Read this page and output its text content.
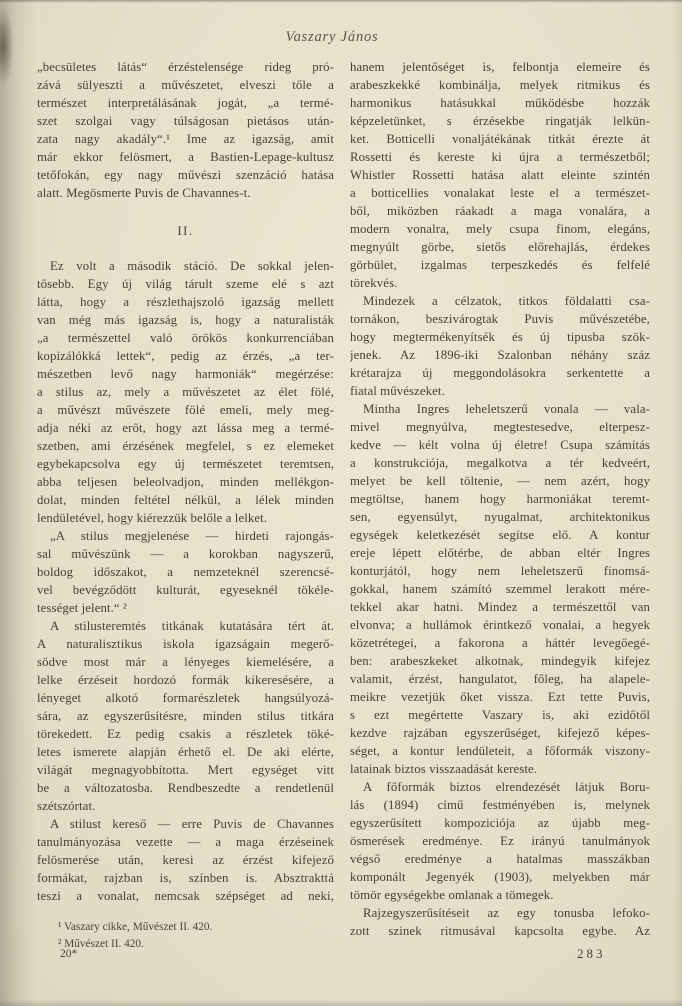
Vaszary János
„becsületes látás“ érzéstelensége rideg pró-
zává sülyeszti a művészetet, elveszi tőle a
természet interpretálásának jogát, „a termé-
szet szolgai vagy túlságosan pietásos után-
zata nagy akadály“.¹ Ime az igazság, amit
már ekkor felösmert, a Bastien-Lepage-kultusz
tetőfokán, egy nagy művészi szenzáció hatása
alatt. Megösmerte Puvis de Chavannes-t.
II.
Ez volt a második stáció. De sokkal jelen-
tősebb. Egy új világ tárult szeme elé s azt
látta, hogy a részlethajszoló igazság mellett
van még más igazság is, hogy a naturalisták
„a természettel való örökös konkurrenciában
kopizálókká lettek“, pedig az érzés, „a ter-
mészetben levő nagy harmoniák“ megérzése:
a stilus az, mely a művészetet az élet fölé,
a művészt művészete fölé emeli, mely meg-
adja néki az erőt, hogy azt lássa meg a termé-
szetben, ami érzésének megfelel, s ez elemeket
egybekapcsolva egy új természetet teremtsen,
abba teljesen beleolvadjon, minden mellékgon-
dolat, minden feltétel nélkül, a lélek minden
lendületével, hogy kiérezzük belőle a lelket.
„A stilus megjelenése — hirdeti rajongás-
sal művészünk — a korokban nagyszerű,
boldog időszakot, a nemzeteknél szerencsé-
vel bevégződött kulturát, egyeseknél tökéle-
tességet jelent.“ ²
A stilusteremtés titkának kutatására tért át.
A naturalisztikus iskola igazságain megerő-
södve most már a lényeges kiemelésére, a
lelke érzéseit hordozó formák kikeresésére, a
lényeget alkotó formarészletek hangsúlyozá-
sára, az egyszerűsítésre, minden stilus titkára
törekedett. Ez pedig csakis a részletek töké-
letes ismerete alapján érhető el. De aki elérte,
világát megnagyobbította. Mert egységet vitt
be a változatosba. Rendbeszedte a rendetlenül
szétszórtat.
A stilust kereső — erre Puvis de Chavannes
tanulmányozása vezette — a maga érzéseinek
felösmerése után, keresi az érzést kifejező
formákat, rajzban is, színben is. Absztrakttá
teszi a vonalat, nemcsak szépséget ad neki,
¹ Vaszary cikke, Művészet II. 420.
² Művészet II. 420.
hanem jelentőséget is, felbontja elemeire és
arabeszkekké kombinálja, melyek ritmikus és
harmonikus hatásukkal működésbe hozzák
képzeletünket, s érzésekbe ringatják lelkün-
ket. Botticelli vonaljátékának titkát érezte át
Rossetti és kereste ki újra a természetből;
Whistler Rossetti hatása alatt eleinte szintén
a botticellies vonalakat leste el a természet-
ből, miközben ráakadt a maga vonalára, a
modern vonalra, mely csupa finom, elegáns,
megnyúlt görbe, sietős előrehajlás, érdekes
görbület, izgalmas terpeszkedés és felfelé
törekvés.
Mindezek a célzatok, titkos földalatti csa-
tornákon, beszivárogtak Puvis művészetébe,
hogy megtermékenyítsék és új tipusba szök-
jenek. Az 1896-iki Szalonban néhány száz
krétarajza új meggondolásokra serkentette a
fiatal művészeket.
Mintha Ingres leheletszerű vonala — vala-
mivel megnyúlva, megtestesedve, elterpesz-
kedve — kélt volna új életre! Csupa számítás
a konstrukciója, megalkotva a tér kedveért,
melyet be kell töltenie, — nem azért, hogy
megtöltse, hanem hogy harmoniákat teremt-
sen, egyensúlyt, nyugalmat, architektonikus
egységek keletkezését segítse elő. A kontur
ereje lépett előtérbe, de abban eltér Ingres
konturjától, hogy nem leheletszerű finomsá-
gokkal, hanem számító szemmel lerakott mére-
tekkel akar hatni. Mindez a természettől van
elvonva; a hullámok érintkező vonalai, a hegyek
közetrétegei, a fakorona a háttér levegőegé-
ben: arabeszkeket alkotnak, mindegyik kifejez
valamit, érzést, hangulatot, főleg, ha alapele-
meikre vezetjük őket vissza. Ezt tette Puvis,
s ezt megértette Vaszary is, aki ezidőtől
kezdve rajzában egyszerűséget, kifejező képes-
séget, a kontur lendületeit, a főformák viszony-
latainak biztos visszaadását kereste.
A főformák biztos elrendezését látjuk Boru-
lás (1894) című festményében is, melynek
egyszerűsített kompoziciója az újabb meg-
ösmerések eredménye. Ez irányú tanulmányok
végső eredménye a hatalmas masszákban
komponált Jegenyék (1903), melyekben már
tömör egységekbe omlanak a tömegek.
Rajzegyszerűsítéseit az egy tonusba lefoko-
zott szinek ritmusával kapcsolta egybe. Az
20*	283
